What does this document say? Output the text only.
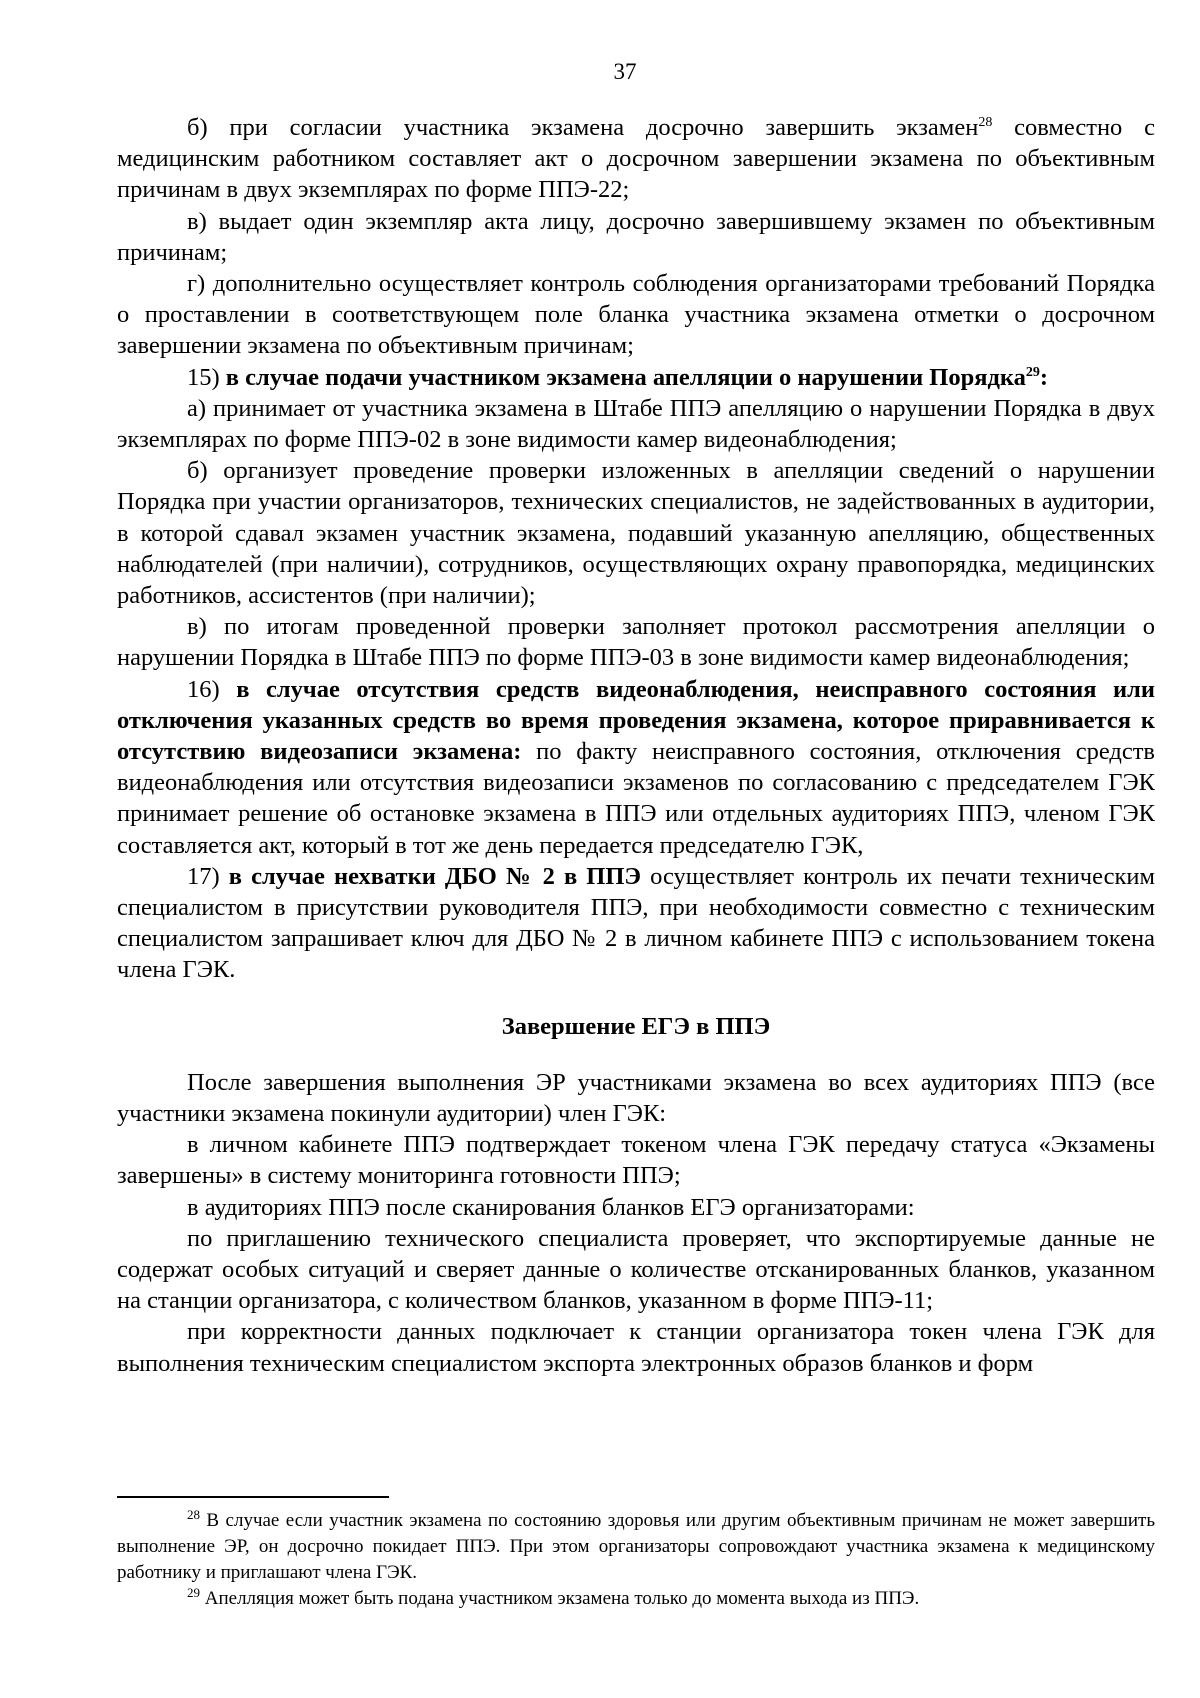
37

б) при согласии участника экзамена досрочно завершить экзамен$^{28}$ совместно с медицинским работником составляет акт о досрочном завершении экзамена по объективным причинам в двух экземплярах по форме ППЭ-22;

в) выдает один экземпляр акта лицу, досрочно завершившему экзамен по объективным причинам;

г) дополнительно осуществляет контроль соблюдения организаторами требований Порядка о проставлении в соответствующем поле бланка участника экзамена отметки о досрочном завершении экзамена по объективным причинам;

15) в случае подачи участником экзамена апелляции о нарушении Порядка$^{29}$:

а) принимает от участника экзамена в Штабе ППЭ апелляцию о нарушении Порядка в двух экземплярах по форме ППЭ-02 в зоне видимости камер видеонаблюдения;

б) организует проведение проверки изложенных в апелляции сведений о нарушении Порядка при участии организаторов, технических специалистов, не задействованных в аудитории, в которой сдавал экзамен участник экзамена, подавший указанную апелляцию, общественных наблюдателей (при наличии), сотрудников, осуществляющих охрану правопорядка, медицинских работников, ассистентов (при наличии);

в) по итогам проведенной проверки заполняет протокол рассмотрения апелляции о нарушении Порядка в Штабе ППЭ по форме ППЭ-03 в зоне видимости камер видеонаблюдения;

16) в случае отсутствия средств видеонаблюдения, неисправного состояния или отключения указанных средств во время проведения экзамена, которое приравнивается к отсутствию видеозаписи экзамена: по факту неисправного состояния, отключения средств видеонаблюдения или отсутствия видеозаписи экзаменов по согласованию с председателем ГЭК принимает решение об остановке экзамена в ППЭ или отдельных аудиториях ППЭ, членом ГЭК составляется акт, который в тот же день передается председателю ГЭК,

17) в случае нехватки ДБО № 2 в ППЭ осуществляет контроль их печати техническим специалистом в присутствии руководителя ППЭ, при необходимости совместно с техническим специалистом запрашивает ключ для ДБО № 2 в личном кабинете ППЭ с использованием токена члена ГЭК.

Завершение ЕГЭ в ППЭ

После завершения выполнения ЭР участниками экзамена во всех аудиториях ППЭ (все участники экзамена покинули аудитории) член ГЭК:

в личном кабинете ППЭ подтверждает токеном члена ГЭК передачу статуса «Экзамены завершены» в систему мониторинга готовности ППЭ;

в аудиториях ППЭ после сканирования бланков ЕГЭ организаторами:

по приглашению технического специалиста проверяет, что экспортируемые данные не содержат особых ситуаций и сверяет данные о количестве отсканированных бланков, указанном на станции организатора, с количеством бланков, указанном в форме ППЭ-11;

при корректности данных подключает к станции организатора токен члена ГЭК для выполнения техническим специалистом экспорта электронных образов бланков и форм

$^{28}$ В случае если участник экзамена по состоянию здоровья или другим объективным причинам не может завершить выполнение ЭР, он досрочно покидает ППЭ. При этом организаторы сопровождают участника экзамена к медицинскому работнику и приглашают члена ГЭК.

$^{29}$ Апелляция может быть подана участником экзамена только до момента выхода из ППЭ.
